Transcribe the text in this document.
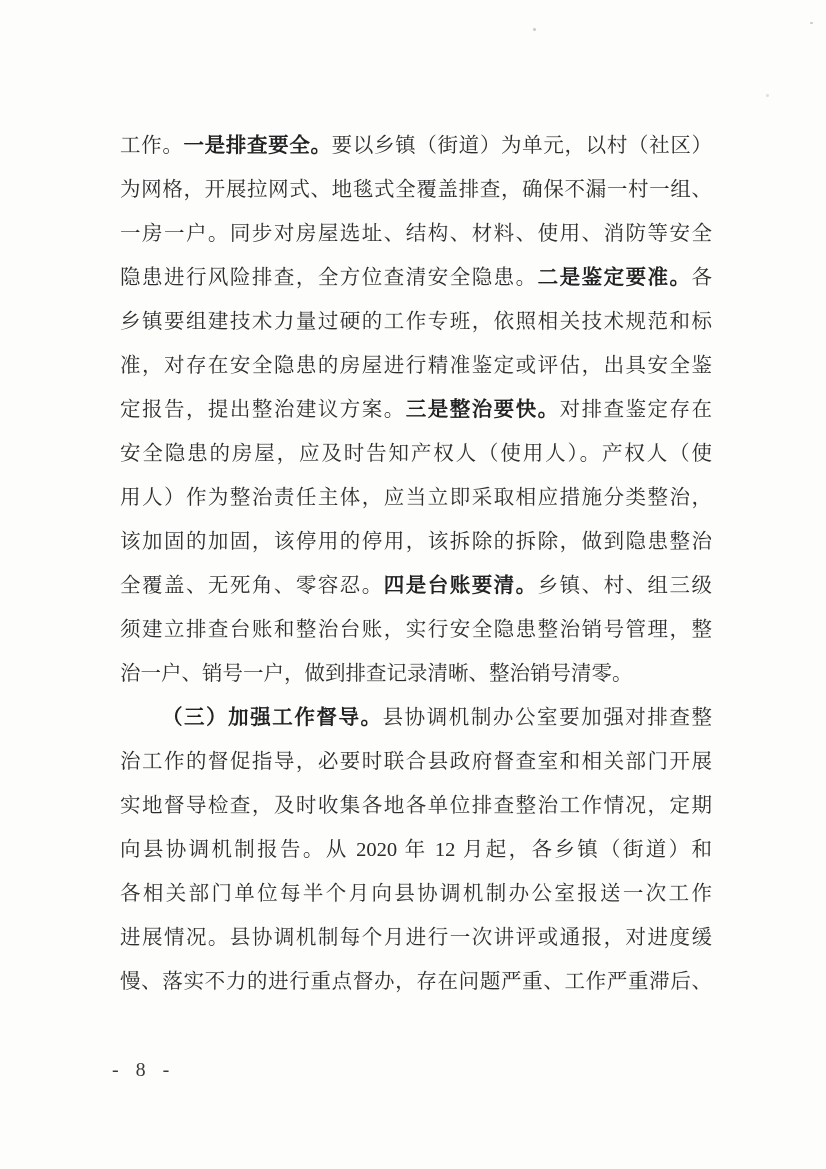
工作。一是排查要全。要以乡镇（街道）为单元，以村（社区）
为网格，开展拉网式、地毯式全覆盖排查，确保不漏一村一组、
一房一户。同步对房屋选址、结构、材料、使用、消防等安全
隐患进行风险排查，全方位查清安全隐患。二是鉴定要准。各
乡镇要组建技术力量过硬的工作专班，依照相关技术规范和标
准，对存在安全隐患的房屋进行精准鉴定或评估，出具安全鉴
定报告，提出整治建议方案。三是整治要快。对排查鉴定存在
安全隐患的房屋，应及时告知产权人（使用人）。产权人（使
用人）作为整治责任主体，应当立即采取相应措施分类整治，
该加固的加固，该停用的停用，该拆除的拆除，做到隐患整治
全覆盖、无死角、零容忍。四是台账要清。乡镇、村、组三级
须建立排查台账和整治台账，实行安全隐患整治销号管理，整
治一户、销号一户，做到排查记录清晰、整治销号清零。
（三）加强工作督导。县协调机制办公室要加强对排查整
治工作的督促指导，必要时联合县政府督查室和相关部门开展
实地督导检查，及时收集各地各单位排查整治工作情况，定期
向县协调机制报告。从 2020 年 12 月起，各乡镇（街道）和
各相关部门单位每半个月向县协调机制办公室报送一次工作
进展情况。县协调机制每个月进行一次讲评或通报，对进度缓
慢、落实不力的进行重点督办，存在问题严重、工作严重滞后、
- 8 -
